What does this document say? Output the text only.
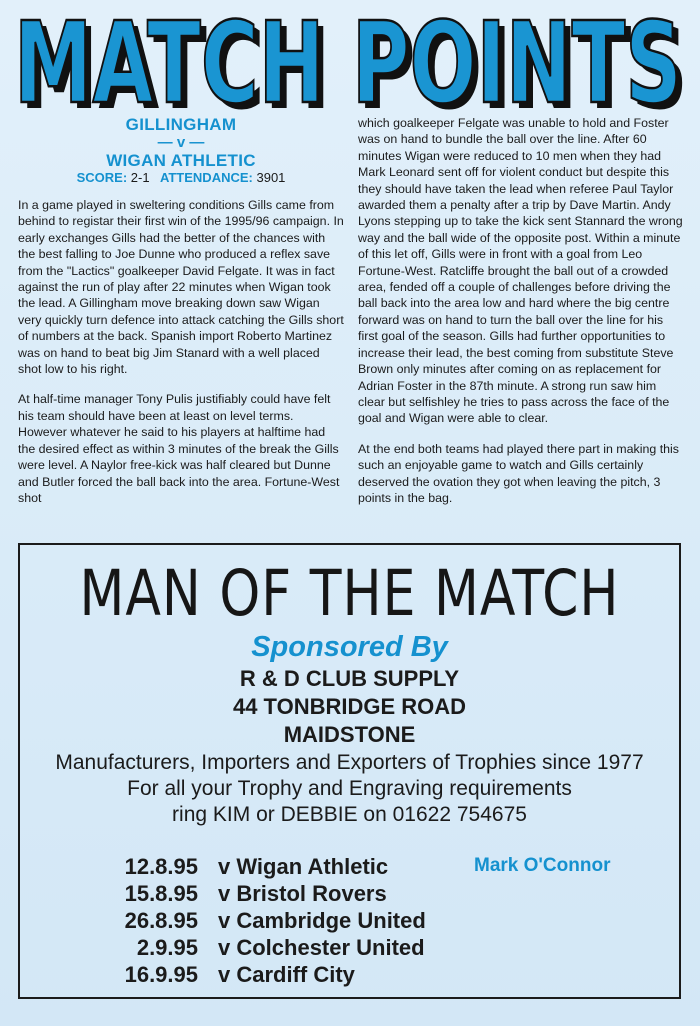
MATCH POINTS
MATCH POINTS
GILLINGHAM
— v —
WIGAN ATHLETIC
SCORE: 2-1 ATTENDANCE: 3901

In a game played in sweltering conditions Gills came from behind to registar their first win of the 1995/96 campaign. In early exchanges Gills had the better of the chances with the best falling to Joe Dunne who produced a reflex save from the "Lactics" goalkeeper David Felgate. It was in fact against the run of play after 22 minutes when Wigan took the lead. A Gillingham move breaking down saw Wigan very quickly turn defence into attack catching the Gills short of numbers at the back. Spanish import Roberto Martinez was on hand to beat big Jim Stanard with a well placed shot low to his right.

At half-time manager Tony Pulis justifiably could have felt his team should have been at least on level terms. However whatever he said to his players at halftime had the desired effect as within 3 minutes of the break the Gills were level. A Naylor free-kick was half cleared but Dunne and Butler forced the ball back into the area. Fortune-West shot

which goalkeeper Felgate was unable to hold and Foster was on hand to bundle the ball over the line. After 60 minutes Wigan were reduced to 10 men when they had Mark Leonard sent off for violent conduct but despite this they should have taken the lead when referee Paul Taylor awarded them a penalty after a trip by Dave Martin. Andy Lyons stepping up to take the kick sent Stannard the wrong way and the ball wide of the opposite post. Within a minute of this let off, Gills were in front with a goal from Leo Fortune-West. Ratcliffe brought the ball out of a crowded area, fended off a couple of challenges before driving the ball back into the area low and hard where the big centre forward was on hand to turn the ball over the line for his first goal of the season. Gills had further opportunities to increase their lead, the best coming from substitute Steve Brown only minutes after coming on as replacement for Adrian Foster in the 87th minute. A strong run saw him clear but selfishley he tries to pass across the face of the goal and Wigan were able to clear.

At the end both teams had played there part in making this such an enjoyable game to watch and Gills certainly deserved the ovation they got when leaving the pitch, 3 points in the bag.

MAN OF THE MATCH
Sponsored By
R & D CLUB SUPPLY
44 TONBRIDGE ROAD
MAIDSTONE
Manufacturers, Importers and Exporters of Trophies since 1977
For all your Trophy and Engraving requirements
ring KIM or DEBBIE on 01622 754675
12.8.95 v Wigan Athletic
15.8.95 v Bristol Rovers
26.8.95 v Cambridge United
2.9.95 v Colchester United
16.9.95 v Cardiff City
Mark O'Connor
